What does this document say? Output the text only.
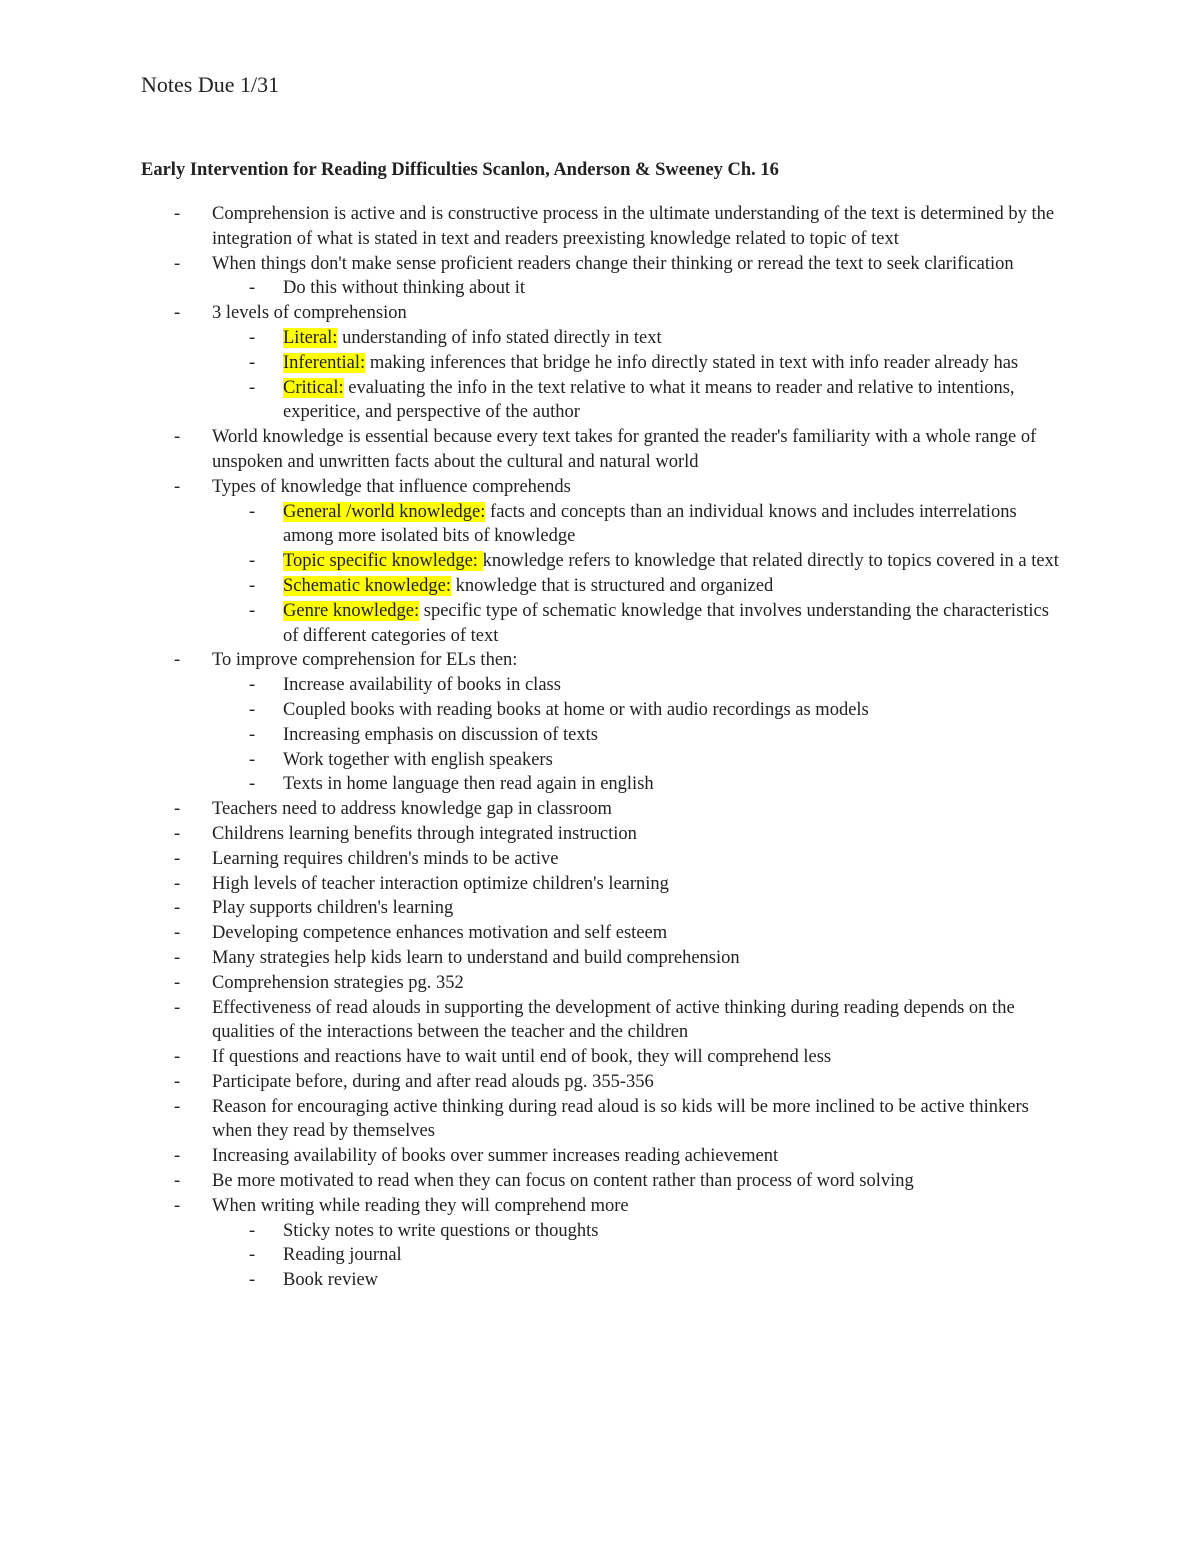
Notes Due 1/31
Early Intervention for Reading Difficulties Scanlon, Anderson & Sweeney Ch. 16
- Comprehension is active and is constructive process in the ultimate understanding of the text is determined by the integration of what is stated in text and readers preexisting knowledge related to topic of text
- When things don't make sense proficient readers change their thinking or reread the text to seek clarification
- Do this without thinking about it
- 3 levels of comprehension
- Literal: understanding of info stated directly in text
- Inferential: making inferences that bridge he info directly stated in text with info reader already has
- Critical: evaluating the info in the text relative to what it means to reader and relative to intentions, experitice, and perspective of the author
- World knowledge is essential because every text takes for granted the reader's familiarity with a whole range of unspoken and unwritten facts about the cultural and natural world
- Types of knowledge that influence comprehends
- General /world knowledge: facts and concepts than an individual knows and includes interrelations among more isolated bits of knowledge
- Topic specific knowledge: knowledge refers to knowledge that related directly to topics covered in a text
- Schematic knowledge: knowledge that is structured and organized
- Genre knowledge: specific type of schematic knowledge that involves understanding the characteristics of different categories of text
- To improve comprehension for ELs then:
- Increase availability of books in class
- Coupled books with reading books at home or with audio recordings as models
- Increasing emphasis on discussion of texts
- Work together with english speakers
- Texts in home language then read again in english
- Teachers need to address knowledge gap in classroom
- Childrens learning benefits through integrated instruction
- Learning requires children's minds to be active
- High levels of teacher interaction optimize children's learning
- Play supports children's learning
- Developing competence enhances motivation and self esteem
- Many strategies help kids learn to understand and build comprehension
- Comprehension strategies pg. 352
- Effectiveness of read alouds in supporting the development of active thinking during reading depends on the qualities of the interactions between the teacher and the children
- If questions and reactions have to wait until end of book, they will comprehend less
- Participate before, during and after read alouds pg. 355-356
- Reason for encouraging active thinking during read aloud is so kids will be more inclined to be active thinkers when they read by themselves
- Increasing availability of books over summer increases reading achievement
- Be more motivated to read when they can focus on content rather than process of word solving
- When writing while reading they will comprehend more
- Sticky notes to write questions or thoughts
- Reading journal
- Book review
